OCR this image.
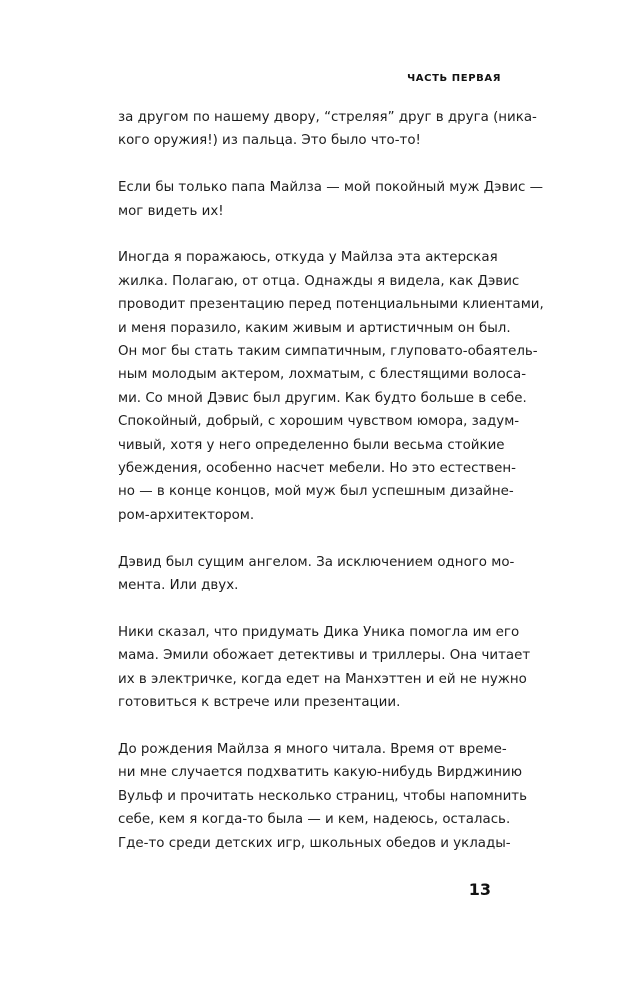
ЧАСТЬ ПЕРВАЯ
за другом по нашему двору, “стреляя” друг в друга (ника-
кого оружия!) из пальца. Это было что-то!
Если бы только папа Майлза — мой покойный муж Дэвис —
мог видеть их!
Иногда я поражаюсь, откуда у Майлза эта актерская
жилка. Полагаю, от отца. Однажды я видела, как Дэвис
проводит презентацию перед потенциальными клиентами,
и меня поразило, каким живым и артистичным он был.
Он мог бы стать таким симпатичным, глуповато-обаятель-
ным молодым актером, лохматым, с блестящими волоса-
ми. Со мной Дэвис был другим. Как будто больше в себе.
Спокойный, добрый, с хорошим чувством юмора, задум-
чивый, хотя у него определенно были весьма стойкие
убеждения, особенно насчет мебели. Но это естествен-
но — в конце концов, мой муж был успешным дизайне-
ром-архитектором.
Дэвид был сущим ангелом. За исключением одного мо-
мента. Или двух.
Ники сказал, что придумать Дика Уника помогла им его
мама. Эмили обожает детективы и триллеры. Она читает
их в электричке, когда едет на Манхэттен и ей не нужно
готовиться к встрече или презентации.
До рождения Майлза я много читала. Время от време-
ни мне случается подхватить какую-нибудь Вирджинию
Вульф и прочитать несколько страниц, чтобы напомнить
себе, кем я когда-то была — и кем, надеюсь, осталась.
Где-то среди детских игр, школьных обедов и уклады-
13
